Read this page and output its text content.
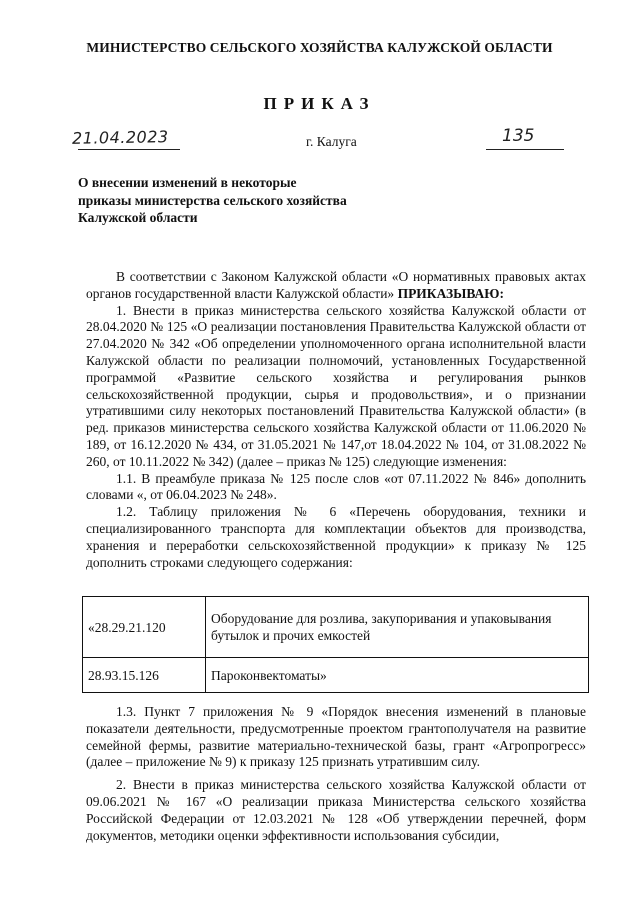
МИНИСТЕРСТВО СЕЛЬСКОГО ХОЗЯЙСТВА КАЛУЖСКОЙ ОБЛАСТИ
ПРИКАЗ
21.04.2023	г. Калуга	135
О внесении изменений в некоторые
приказы министерства сельского хозяйства
Калужской области

В соответствии с Законом Калужской области «О нормативных правовых актах органов государственной власти Калужской области» ПРИКАЗЫВАЮ:

1. Внести в приказ министерства сельского хозяйства Калужской области от 28.04.2020 № 125 «О реализации постановления Правительства Калужской области от 27.04.2020 № 342 «Об определении уполномоченного органа исполнительной власти Калужской области по реализации полномочий, установленных Государственной программой «Развитие сельского хозяйства и регулирования рынков сельскохозяйственной продукции, сырья и продовольствия», и о признании утратившими силу некоторых постановлений Правительства Калужской области» (в ред. приказов министерства сельского хозяйства Калужской области от 11.06.2020 № 189, от 16.12.2020 № 434, от 31.05.2021 № 147,от 18.04.2022 № 104, от 31.08.2022 № 260, от 10.11.2022 № 342) (далее – приказ № 125) следующие изменения:

1.1. В преамбуле приказа № 125 после слов «от 07.11.2022 № 846» дополнить словами «, от 06.04.2023 № 248».

1.2. Таблицу приложения № 6 «Перечень оборудования, техники и специализированного транспорта для комплектации объектов для производства, хранения и переработки сельскохозяйственной продукции» к приказу № 125 дополнить строками следующего содержания:

«28.29.21.120	Оборудование для розлива, закупоривания и упаковывания бутылок и прочих емкостей
28.93.15.126	Пароконвектоматы»

1.3. Пункт 7 приложения № 9 «Порядок внесения изменений в плановые показатели деятельности, предусмотренные проектом грантополучателя на развитие семейной фермы, развитие материально-технической базы, грант «Агропрогресс» (далее – приложение № 9) к приказу 125 признать утратившим силу.

2. Внести в приказ министерства сельского хозяйства Калужской области от 09.06.2021 № 167 «О реализации приказа Министерства сельского хозяйства Российской Федерации от 12.03.2021 № 128 «Об утверждении перечней, форм документов, методики оценки эффективности использования субсидии,
